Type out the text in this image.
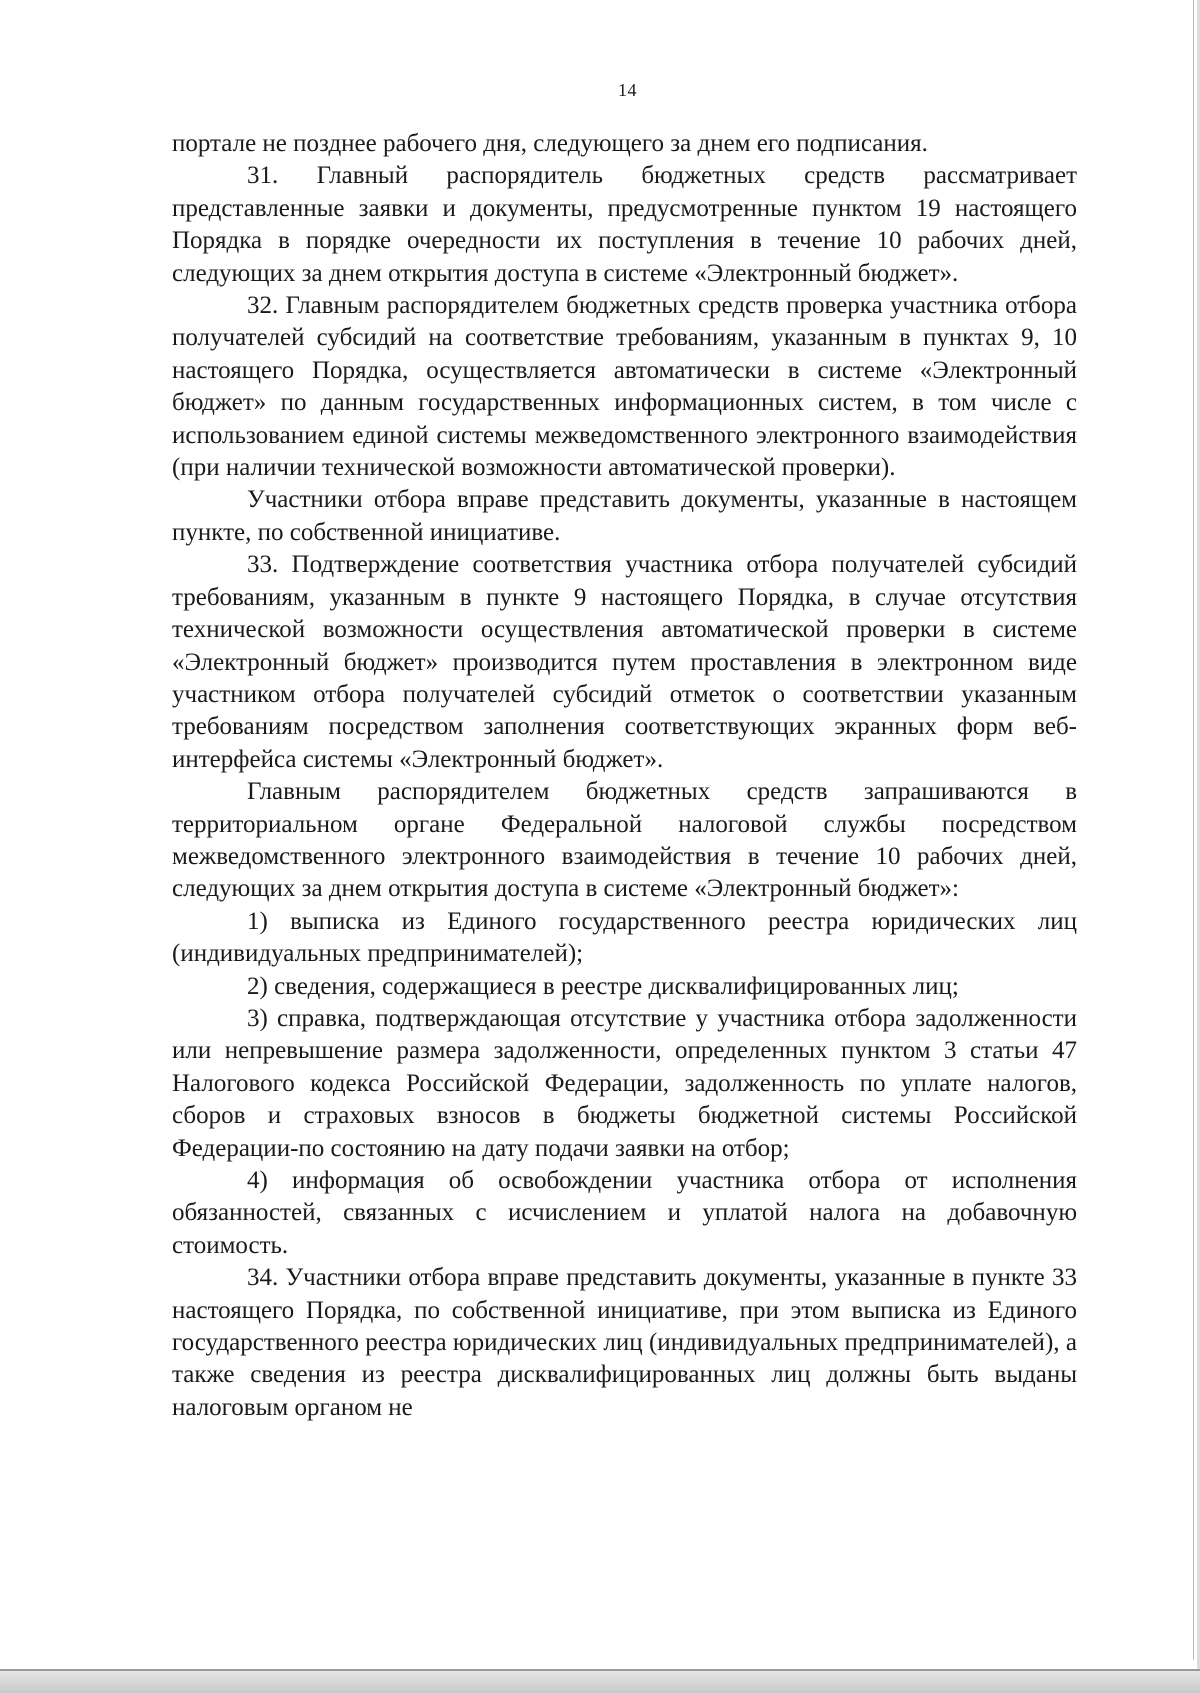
14

портале не позднее рабочего дня, следующего за днем его подписания.

31. Главный распорядитель бюджетных средств рассматривает представленные заявки и документы, предусмотренные пунктом 19 настоящего Порядка в порядке очередности их поступления в течение 10 рабочих дней, следующих за днем открытия доступа в системе «Электронный бюджет».

32. Главным распорядителем бюджетных средств проверка участника отбора получателей субсидий на соответствие требованиям, указанным в пунктах 9, 10 настоящего Порядка, осуществляется автоматически в системе «Электронный бюджет» по данным государственных информационных систем, в том числе с использованием единой системы межведомственного электронного взаимодействия (при наличии технической возможности автоматической проверки).

Участники отбора вправе представить документы, указанные в настоящем пункте, по собственной инициативе.

33. Подтверждение соответствия участника отбора получателей субсидий требованиям, указанным в пункте 9 настоящего Порядка, в случае отсутствия технической возможности осуществления автоматической проверки в системе «Электронный бюджет» производится путем проставления в электронном виде участником отбора получателей субсидий отметок о соответствии указанным требованиям посредством заполнения соответствующих экранных форм веб-интерфейса системы «Электронный бюджет».

Главным распорядителем бюджетных средств запрашиваются в территориальном органе Федеральной налоговой службы посредством межведомственного электронного взаимодействия в течение 10 рабочих дней, следующих за днем открытия доступа в системе «Электронный бюджет»:

1) выписка из Единого государственного реестра юридических лиц (индивидуальных предпринимателей);

2) сведения, содержащиеся в реестре дисквалифицированных лиц;

3) справка, подтверждающая отсутствие у участника отбора задолженности или непревышение размера задолженности, определенных пунктом 3 статьи 47 Налогового кодекса Российской Федерации, задолженность по уплате налогов, сборов и страховых взносов в бюджеты бюджетной системы Российской Федерации-по состоянию на дату подачи заявки на отбор;

4) информация об освобождении участника отбора от исполнения обязанностей, связанных с исчислением и уплатой налога на добавочную стоимость.

34. Участники отбора вправе представить документы, указанные в пункте 33 настоящего Порядка, по собственной инициативе, при этом выписка из Единого государственного реестра юридических лиц (индивидуальных предпринимателей), а также сведения из реестра дисквалифицированных лиц должны быть выданы налоговым органом не
